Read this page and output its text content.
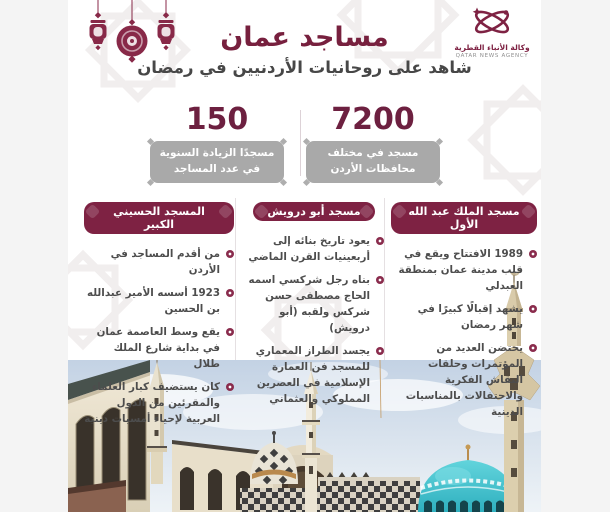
وكالة الأنباء القطرية
QATAR NEWS AGENCY
مساجد عمان
شاهد على روحانيات الأردنيين في رمضان
7200
مسجد في مختلف
محافظات الأردن
150
مسجدًا الزيادة السنوية
في عدد المساجد
مسجد الملك عبد الله الأول
1989 الافتتاح ويقع في قلب مدينة عمان بمنطقة العبدلي
يشهد إقبالًا كبيرًا في شهر رمضان
يحتضن العديد من المؤتمرات وحلقات النقاش الفكرية والاحتفالات بالمناسبات الدينية
مسجد أبو درويش
يعود تاريخ بنائه إلى أربعينيات القرن الماضي
بناه رجل شركسي اسمه الحاج مصطفى حسن شركس ولقبه (أبو درويش)
يجسد الطراز المعماري للمسجد فن العمارة الإسلامية في العصرين المملوكي والعثماني
المسجد الحسيني الكبير
من أقدم المساجد في الأردن
1923 أسسه الأمير عبدالله بن الحسين
يقع وسط العاصمة عمان في بداية شارع الملك طلال
كان يستضيف كبار العلماء والمقرئين من الدول العربية لإحياء أمسيات دينية
